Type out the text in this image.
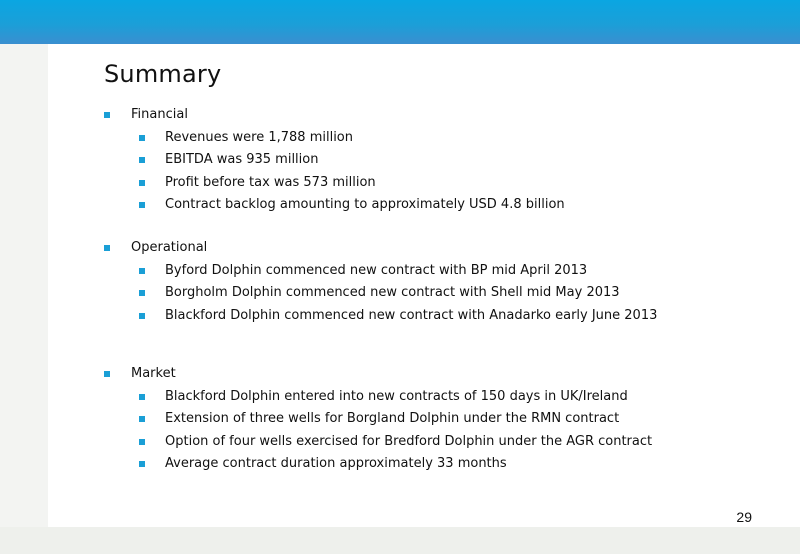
Summary
Financial
Revenues were 1,788 million
EBITDA was 935 million
Profit before tax was 573 million
Contract backlog amounting to approximately USD 4.8 billion
Operational
Byford Dolphin commenced new contract with BP mid April 2013
Borgholm Dolphin commenced new contract with Shell mid May 2013
Blackford Dolphin commenced new contract with Anadarko early June 2013
Market
Blackford Dolphin entered into new contracts of 150 days in UK/Ireland
Extension of three wells for Borgland Dolphin under the RMN contract
Option of four wells exercised for Bredford Dolphin under the AGR contract
Average contract duration approximately 33 months
29
